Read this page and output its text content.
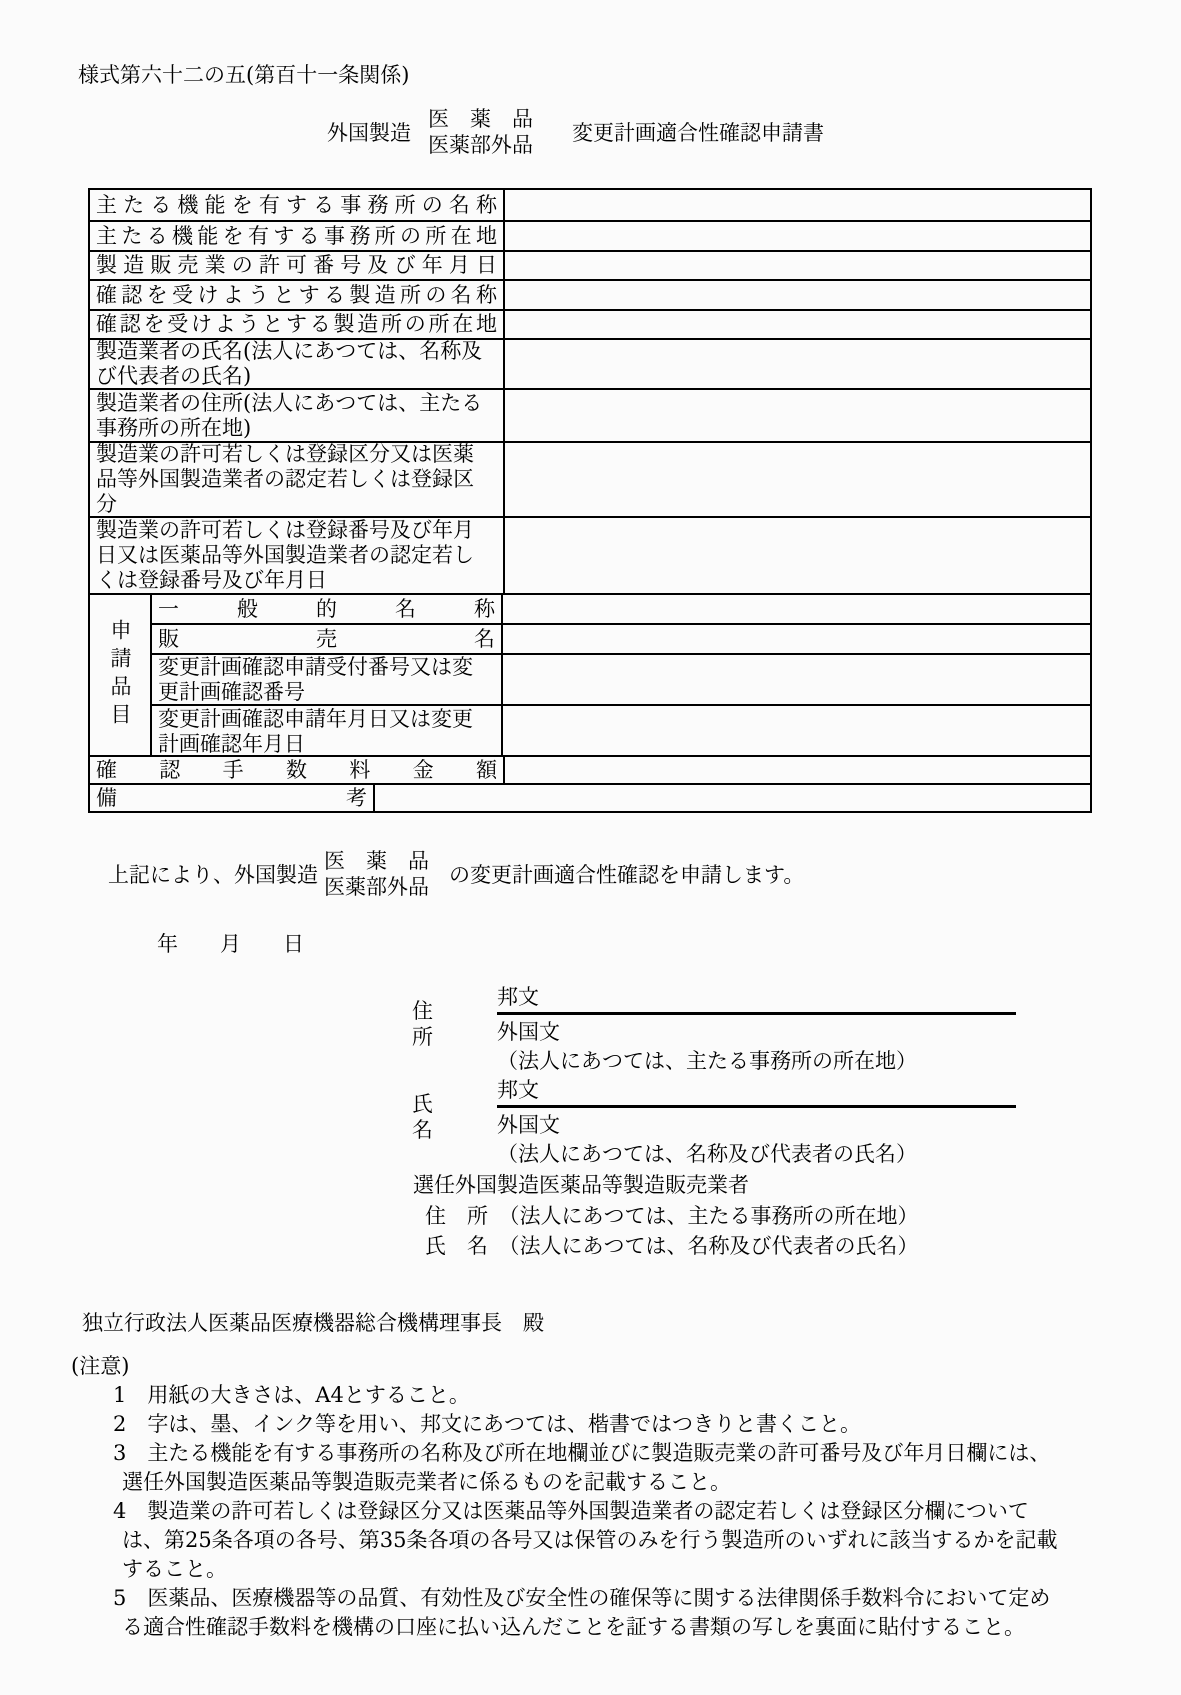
様式第六十二の五(第百十一条関係)
外国製造
医薬品
医薬部外品 変更計画適合性確認申請書
主たる機能を有する事務所の名称
主たる機能を有する事務所の所在地
製造販売業の許可番号及び年月日
確認を受けようとする製造所の名称
確認を受けようとする製造所の所在地
製造業者の氏名(法人にあつては、名称及
び代表者の氏名)
製造業者の住所(法人にあつては、主たる
事務所の所在地)
製造業の許可若しくは登録区分又は医薬
品等外国製造業者の認定若しくは登録区
分
製造業の許可若しくは登録番号及び年月
日又は医薬品等外国製造業者の認定若し
くは登録番号及び年月日
申請品目
一般的名称
販売名
変更計画確認申請受付番号又は変
更計画確認番号
変更計画確認申請年月日又は変更
計画確認年月日
確認手数料金額
備考
上記により、外国製造
医薬品
医薬部外品 の変更計画適合性確認を申請します。
年　　月　　日
住　所
邦文
外国文
（法人にあつては、主たる事務所の所在地）
氏　名
邦文
外国文
（法人にあつては、名称及び代表者の氏名）
選任外国製造医薬品等製造販売業者
住　所　（法人にあつては、主たる事務所の所在地）
氏　名　（法人にあつては、名称及び代表者の氏名）
独立行政法人医薬品医療機器総合機構理事長　殿
(注意)
1　用紙の大きさは、A4とすること。
2　字は、墨、インク等を用い、邦文にあつては、楷書ではつきりと書くこと。
3　主たる機能を有する事務所の名称及び所在地欄並びに製造販売業の許可番号及び年月日欄には、
選任外国製造医薬品等製造販売業者に係るものを記載すること。
4　製造業の許可若しくは登録区分又は医薬品等外国製造業者の認定若しくは登録区分欄について
は、第25条各項の各号、第35条各項の各号又は保管のみを行う製造所のいずれに該当するかを記載
すること。
5　医薬品、医療機器等の品質、有効性及び安全性の確保等に関する法律関係手数料令において定め
る適合性確認手数料を機構の口座に払い込んだことを証する書類の写しを裏面に貼付すること。
